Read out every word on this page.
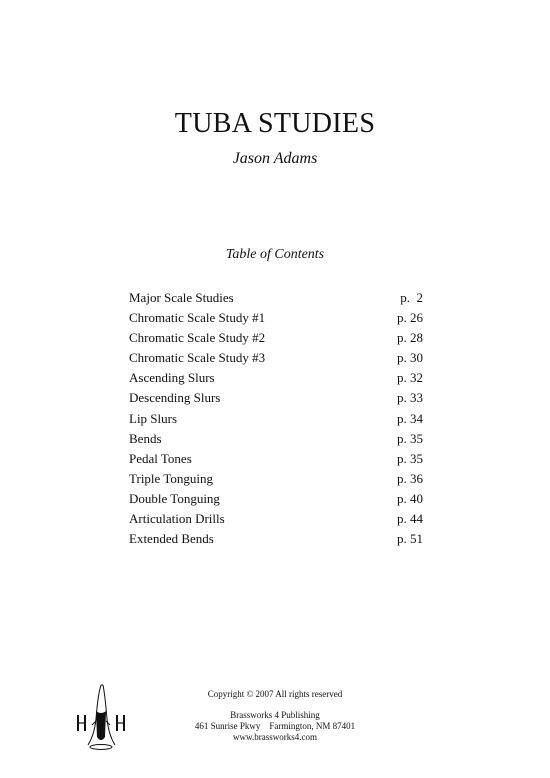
TUBA STUDIES
Jason Adams
Table of Contents
Major Scale Studies	p.  2
Chromatic Scale Study #1	p. 26
Chromatic Scale Study #2	p. 28
Chromatic Scale Study #3	p. 30
Ascending Slurs	p. 32
Descending Slurs	p. 33
Lip Slurs	p. 34
Bends	p. 35
Pedal Tones	p. 35
Triple Tonguing	p. 36
Double Tonguing	p. 40
Articulation Drills	p. 44
Extended Bends	p. 51
Copyright © 2007 All rights reserved
Brassworks 4 Publishing
461 Sunrise Pkwy    Farmington, NM 87401
www.brassworks4.com
